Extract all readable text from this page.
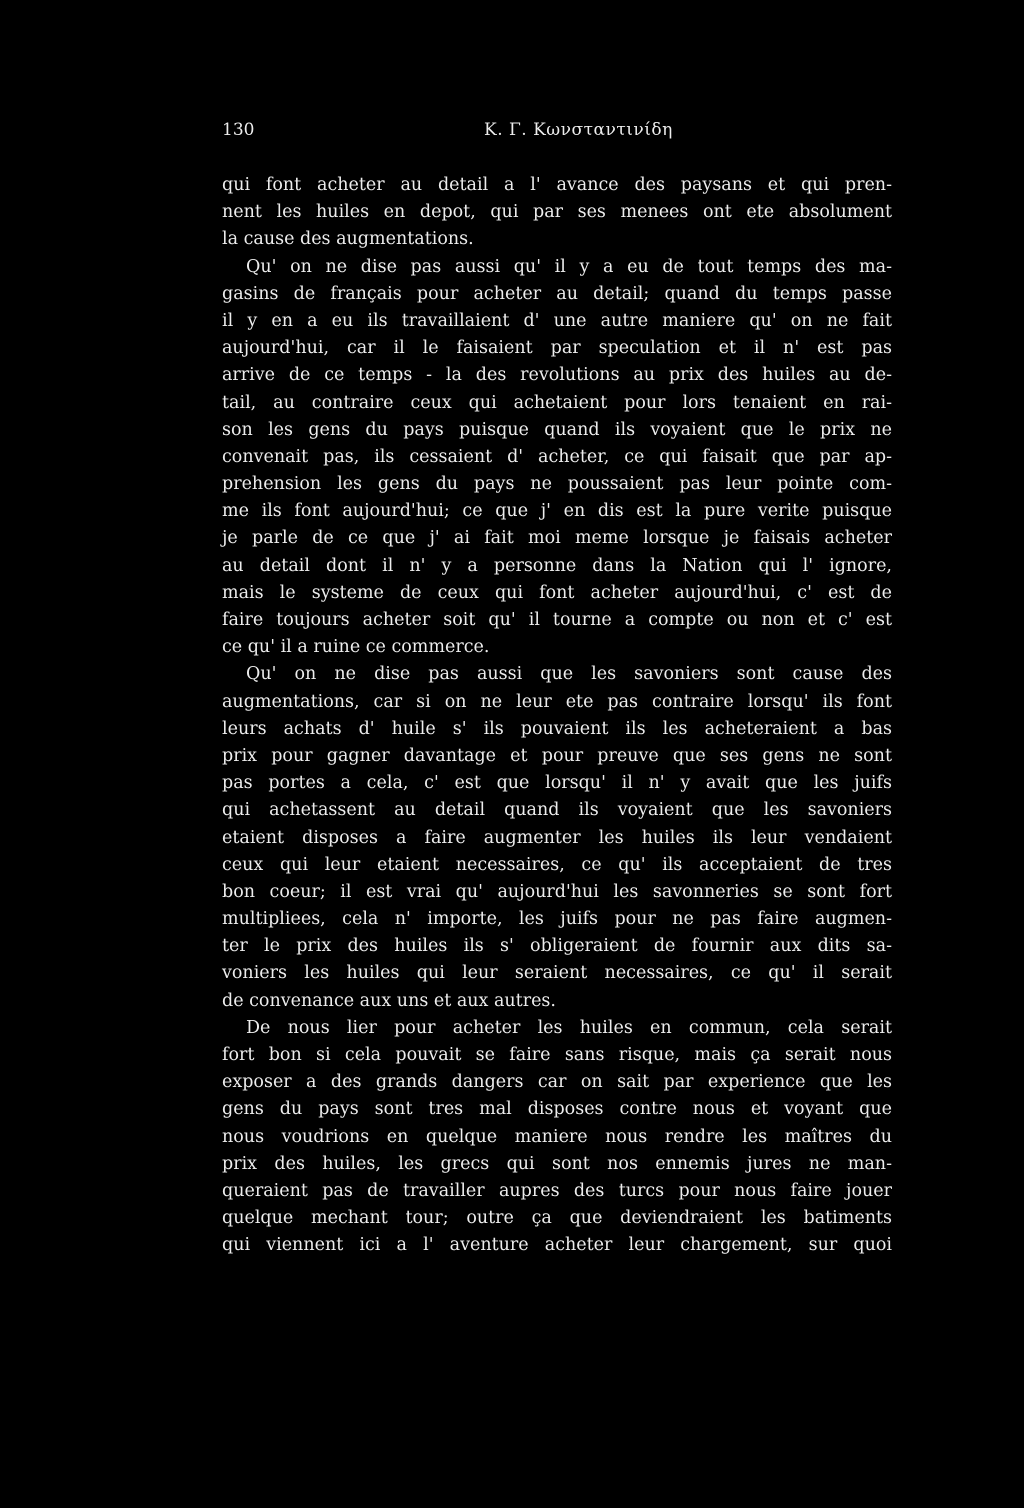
130	Κ. Γ. Κωνσταντινίδη
qui font acheter au detail a l' avance des paysans et qui pren-
nent les huiles en depot, qui par ses menees ont ete absolument
la cause des augmentations.
Qu' on ne dise pas aussi qu' il y a eu de tout temps des ma-
gasins de français pour acheter au detail; quand du temps passe
il y en a eu ils travaillaient d' une autre maniere qu' on ne fait
aujourd'hui, car il le faisaient par speculation et il n' est pas
arrive de ce temps - la des revolutions au prix des huiles au de-
tail, au contraire ceux qui achetaient pour lors tenaient en rai-
son les gens du pays puisque quand ils voyaient que le prix ne
convenait pas, ils cessaient d' acheter, ce qui faisait que par ap-
prehension les gens du pays ne poussaient pas leur pointe com-
me ils font aujourd'hui; ce que j' en dis est la pure verite puisque
je parle de ce que j' ai fait moi meme lorsque je faisais acheter
au detail dont il n' y a personne dans la Nation qui l' ignore,
mais le systeme de ceux qui font acheter aujourd'hui, c' est de
faire toujours acheter soit qu' il tourne a compte ou non et c' est
ce qu' il a ruine ce commerce.
Qu' on ne dise pas aussi que les savoniers sont cause des
augmentations, car si on ne leur ete pas contraire lorsqu' ils font
leurs achats d' huile s' ils pouvaient ils les acheteraient a bas
prix pour gagner davantage et pour preuve que ses gens ne sont
pas portes a cela, c' est que lorsqu' il n' y avait que les juifs
qui achetassent au detail quand ils voyaient que les savoniers
etaient disposes a faire augmenter les huiles ils leur vendaient
ceux qui leur etaient necessaires, ce qu' ils acceptaient de tres
bon coeur; il est vrai qu' aujourd'hui les savonneries se sont fort
multipliees, cela n' importe, les juifs pour ne pas faire augmen-
ter le prix des huiles ils s' obligeraient de fournir aux dits sa-
voniers les huiles qui leur seraient necessaires, ce qu' il serait
de convenance aux uns et aux autres.
De nous lier pour acheter les huiles en commun, cela serait
fort bon si cela pouvait se faire sans risque, mais ça serait nous
exposer a des grands dangers car on sait par experience que les
gens du pays sont tres mal disposes contre nous et voyant que
nous voudrions en quelque maniere nous rendre les maîtres du
prix des huiles, les grecs qui sont nos ennemis jures ne man-
queraient pas de travailler aupres des turcs pour nous faire jouer
quelque mechant tour; outre ça que deviendraient les batiments
qui viennent ici a l' aventure acheter leur chargement, sur quoi
